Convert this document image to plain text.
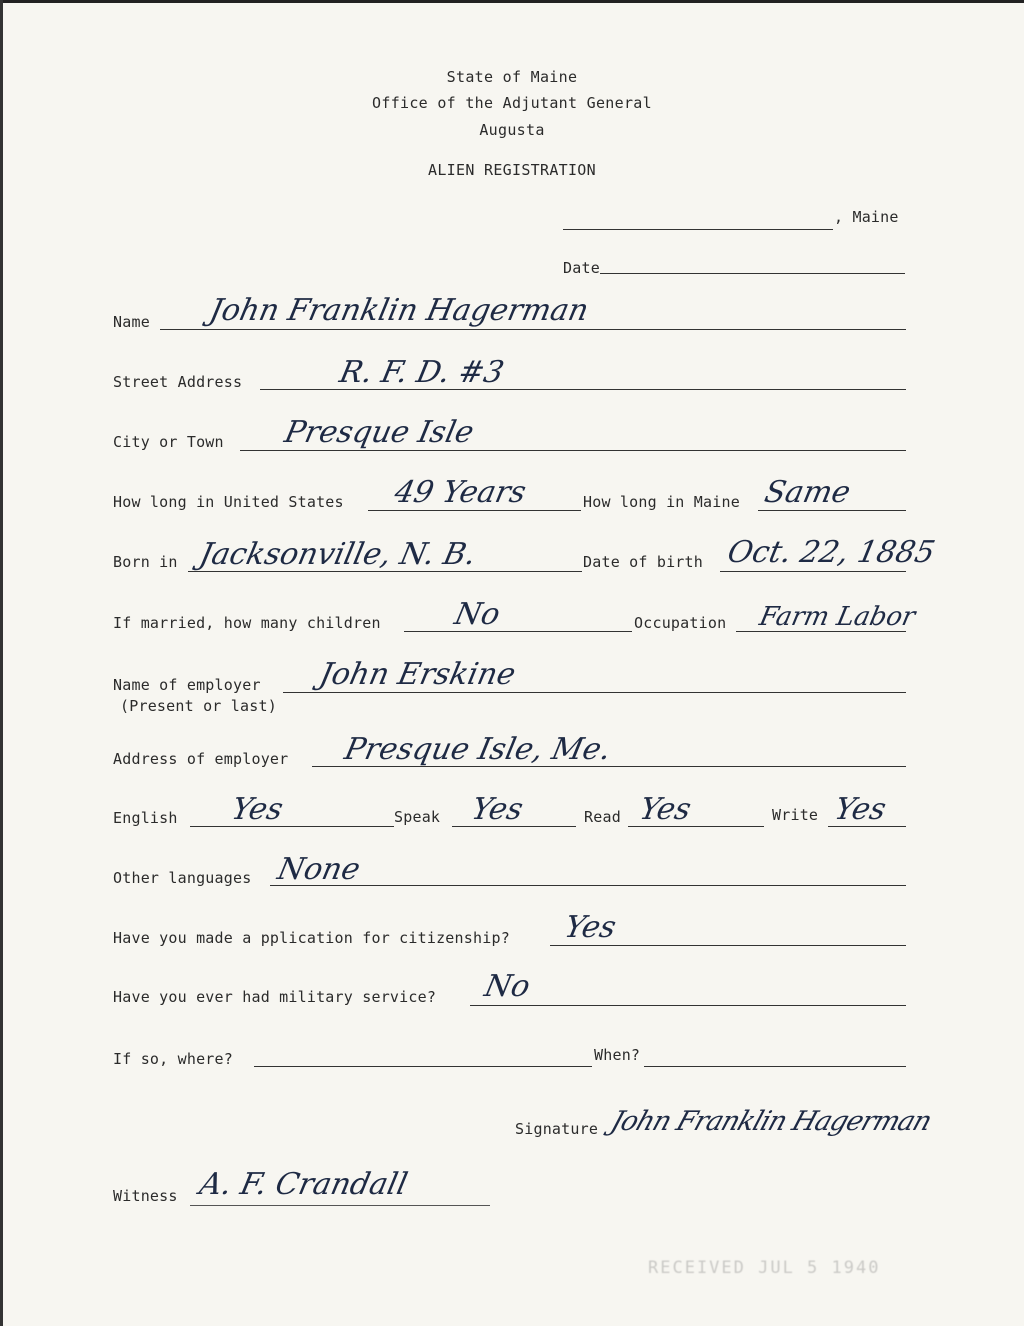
State of Maine
Office of the Adjutant General
Augusta
ALIEN REGISTRATION
, Maine
Date
Name John Franklin Hagerman
Street Address	R. F. D. #3
City or Town Presque Isle
How long in United States 49 Years	How long in Maine Same
Born in Jacksonville, N. B.	Date of birth Oct. 22, 1885
If married, how many children No	Occupation Farm Labor
Name of employer
(Present or last)
John Erskine
Address of employer Presque Isle, Me.
English Yes	Speak Yes	Read Yes	Write Yes
Other languages None
Have you made a pplication for citizenship? Yes
Have you ever had military service? No
If so, where?	When?
Signature John Franklin Hagerman
Witness A. F. Crandall
RECEIVED JUL 5 1940
